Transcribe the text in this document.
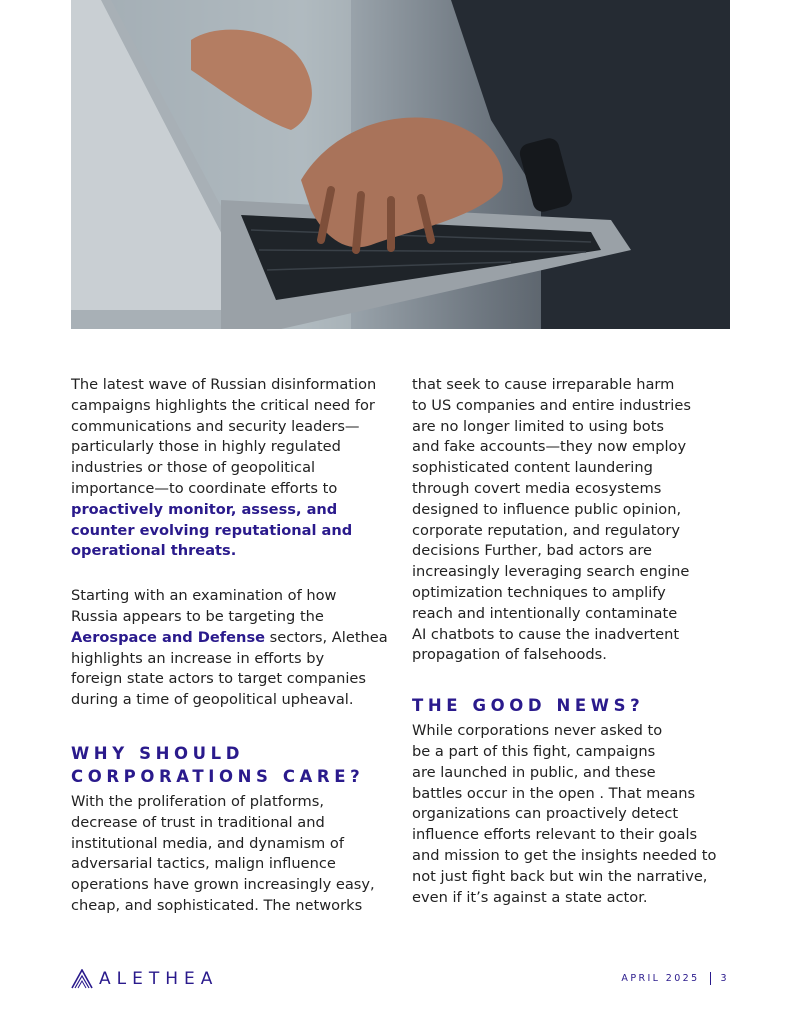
The latest wave of Russian disinformation
campaigns highlights the critical need for
communications and security leaders—
particularly those in highly regulated
industries or those of geopolitical
importance—to coordinate efforts to
proactively monitor, assess, and
counter evolving reputational and
operational threats.

Starting with an examination of how
Russia appears to be targeting the
Aerospace and Defense sectors, Alethea
highlights an increase in efforts by
foreign state actors to target companies
during a time of geopolitical upheaval.

WHY SHOULD
CORPORATIONS CARE?

With the proliferation of platforms,
decrease of trust in traditional and
institutional media, and dynamism of
adversarial tactics, malign influence
operations have grown increasingly easy,
cheap, and sophisticated. The networks

that seek to cause irreparable harm
to US companies and entire industries
are no longer limited to using bots
and fake accounts—they now employ
sophisticated content laundering
through covert media ecosystems
designed to influence public opinion,
corporate reputation, and regulatory
decisions Further, bad actors are
increasingly leveraging search engine
optimization techniques to amplify
reach and intentionally contaminate
AI chatbots to cause the inadvertent
propagation of falsehoods.

THE GOOD NEWS?

While corporations never asked to
be a part of this fight, campaigns
are launched in public, and these
battles occur in the open . That means
organizations can proactively detect
influence efforts relevant to their goals
and mission to get the insights needed to
not just fight back but win the narrative,
even if it’s against a state actor.

ALETHEA	APRIL 2025 3
